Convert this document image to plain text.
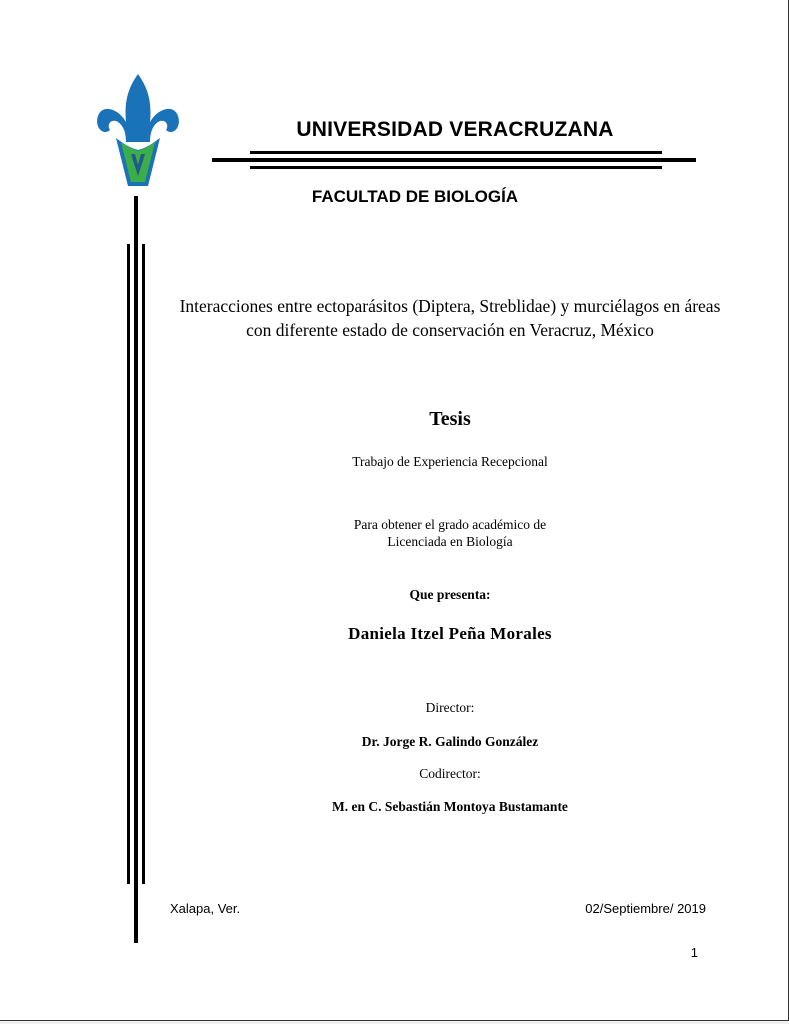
UNIVERSIDAD VERACRUZANA
FACULTAD DE BIOLOGÍA
Interacciones entre ectoparásitos (Diptera, Streblidae) y murciélagos en áreas
con diferente estado de conservación en Veracruz, México
Tesis
Trabajo de Experiencia Recepcional
Para obtener el grado académico de
Licenciada en Biología
Que presenta:
Daniela Itzel Peña Morales
Director:
Dr. Jorge R. Galindo González
Codirector:
M. en C. Sebastián Montoya Bustamante
Xalapa, Ver.	02/Septiembre/ 2019
1
